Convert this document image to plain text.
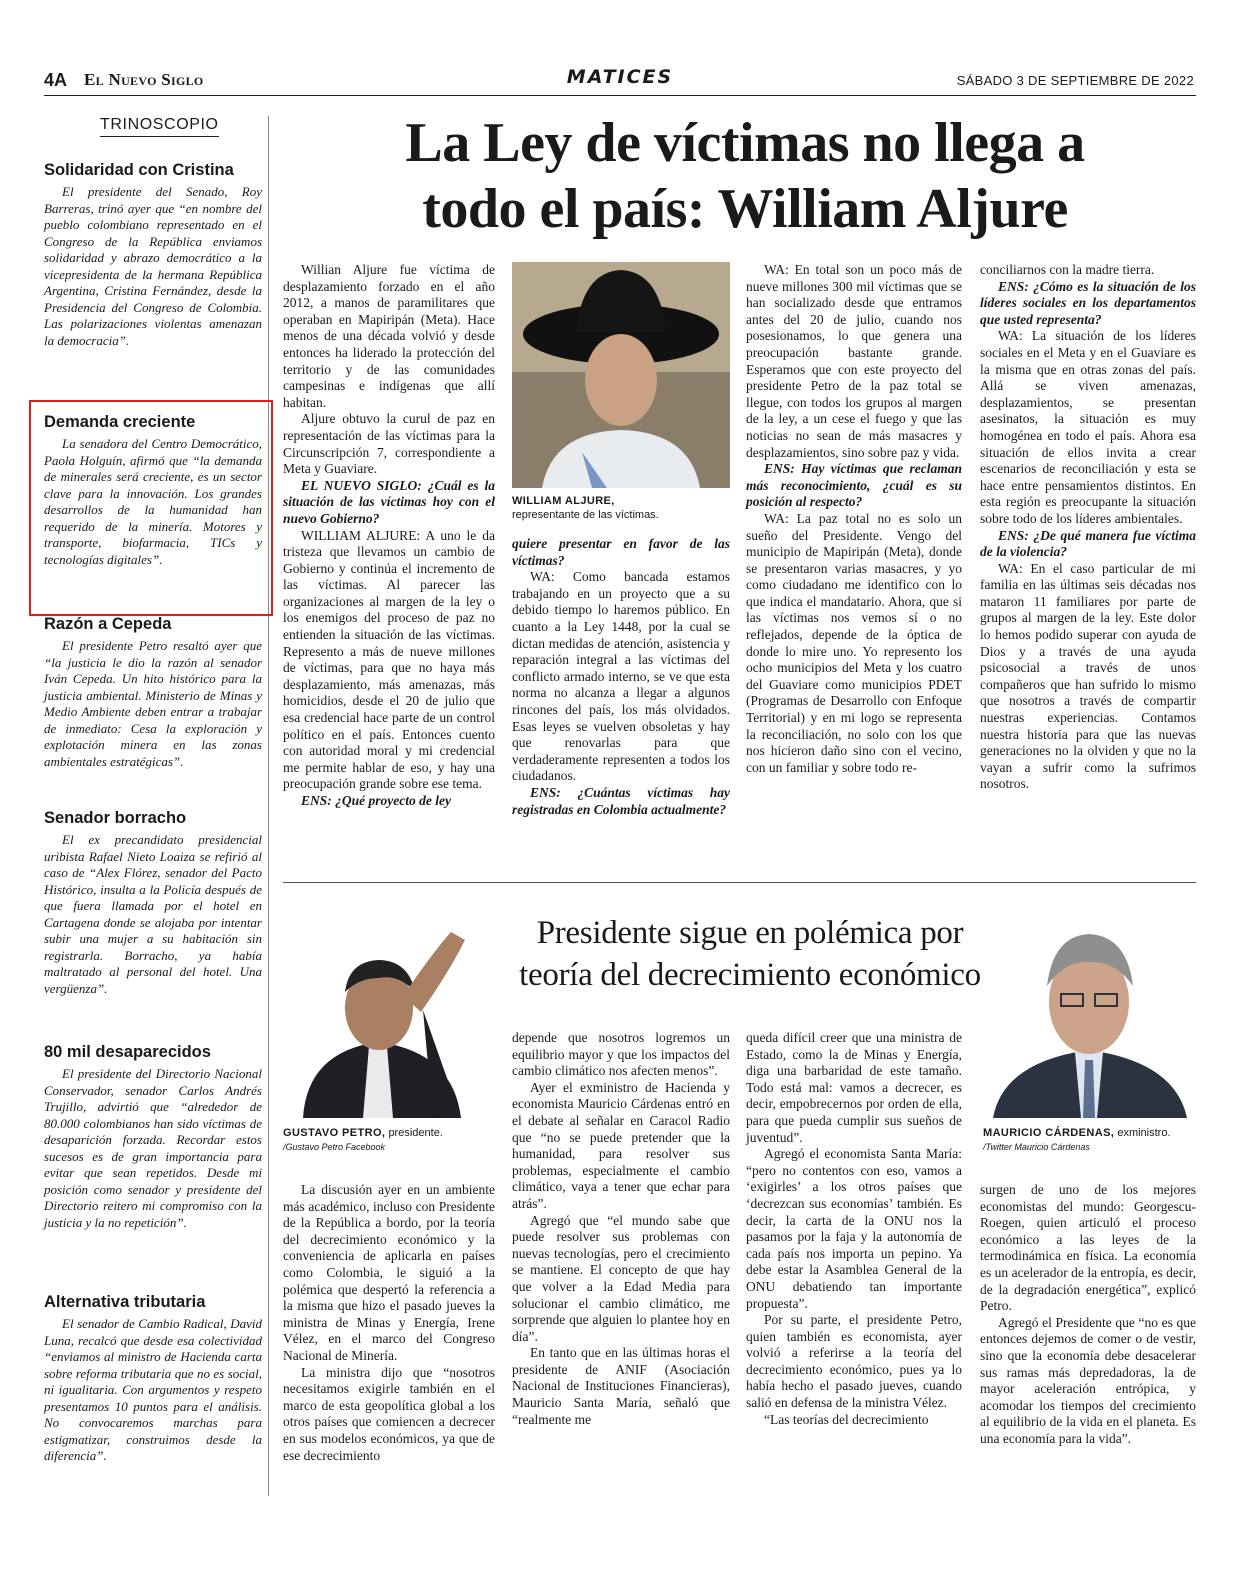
4A El Nuevo Siglo	MATICES	SÁBADO 3 DE SEPTIEMBRE DE 2022
TRINOSCOPIO
Solidaridad con Cristina

El presidente del Senado, Roy Barreras, trinó ayer que “en nombre del pueblo colombiano representado en el Congreso de la República enviamos solidaridad y abrazo democrático a la vicepresidenta de la hermana República Argentina, Cristina Fernández, desde la Presidencia del Congreso de Colombia. Las polarizaciones violentas amenazan la democracia”.

Demanda creciente

La senadora del Centro Democrático, Paola Holguín, afirmó que “la demanda de minerales será creciente, es un sector clave para la innovación. Los grandes desarrollos de la humanidad han requerido de la minería. Motores y transporte, biofarmacia, TICs y tecnologías digitales”.

Razón a Cepeda

El presidente Petro resaltó ayer que “la justicia le dio la razón al senador Iván Cepeda. Un hito histórico para la justicia ambiental. Ministerio de Minas y Medio Ambiente deben entrar a trabajar de inmediato: Cesa la exploración y explotación minera en las zonas ambientales estratégicas”.

Senador borracho

El ex precandidato presidencial uribista Rafael Nieto Loaiza se refirió al caso de “Alex Flórez, senador del Pacto Histórico, insulta a la Policía después de que fuera llamada por el hotel en Cartagena donde se alojaba por intentar subir una mujer a su habitación sin registrarla. Borracho, ya había maltratado al personal del hotel. Una vergüenza”.

80 mil desaparecidos

El presidente del Directorio Nacional Conservador, senador Carlos Andrés Trujillo, advirtió que “alrededor de 80.000 colombianos han sido víctimas de desaparición forzada. Recordar estos sucesos es de gran importancia para evitar que sean repetidos. Desde mi posición como senador y presidente del Directorio reitero mi compromiso con la justicia y la no repetición”.

Alternativa tributaria

El senador de Cambio Radical, David Luna, recalcó que desde esa colectividad “enviamos al ministro de Hacienda carta sobre reforma tributaria que no es social, ni igualitaria. Con argumentos y respeto presentamos 10 puntos para el análisis. No convocaremos marchas para estigmatizar, construimos desde la diferencia”.

La Ley de víctimas no llega a
todo el país: William Aljure

Willian Aljure fue víctima de desplazamiento forzado en el año 2012, a manos de paramilitares que operaban en Mapiripán (Meta). Hace menos de una década volvió y desde entonces ha liderado la protección del territorio y de las comunidades campesinas e indígenas que allí habitan.

Aljure obtuvo la curul de paz en representación de las víctimas para la Circunscripción 7, correspondiente a Meta y Guaviare.

EL NUEVO SIGLO: ¿Cuál es la situación de las víctimas hoy con el nuevo Gobierno?

WILLIAM ALJURE: A uno le da tristeza que llevamos un cambio de Gobierno y continúa el incremento de las víctimas. Al parecer las organizaciones al margen de la ley o los enemigos del proceso de paz no entienden la situación de las víctimas. Represento a más de nueve millones de víctimas, para que no haya más desplazamiento, más amenazas, más homicidios, desde el 20 de julio que esa credencial hace parte de un control político en el país. Entonces cuento con autoridad moral y mi credencial me permite hablar de eso, y hay una preocupación grande sobre ese tema.

ENS: ¿Qué proyecto de ley

WILLIAM ALJURE,
representante de las víctimas.

quiere presentar en favor de las víctimas?

WA: Como bancada estamos trabajando en un proyecto que a su debido tiempo lo haremos público. En cuanto a la Ley 1448, por la cual se dictan medidas de atención, asistencia y reparación integral a las víctimas del conflicto armado interno, se ve que esta norma no alcanza a llegar a algunos rincones del país, los más olvidados. Esas leyes se vuelven obsoletas y hay que renovarlas para que verdaderamente representen a todos los ciudadanos.

ENS: ¿Cuántas víctimas hay registradas en Colombia actualmente?

WA: En total son un poco más de nueve millones 300 mil víctimas que se han socializado desde que entramos antes del 20 de julio, cuando nos posesionamos, lo que genera una preocupación bastante grande. Esperamos que con este proyecto del presidente Petro de la paz total se llegue, con todos los grupos al margen de la ley, a un cese el fuego y que las noticias no sean de más masacres y desplazamientos, sino sobre paz y vida.

ENS: Hay víctimas que reclaman más reconocimiento, ¿cuál es su posición al respecto?

WA: La paz total no es solo un sueño del Presidente. Vengo del municipio de Mapiripán (Meta), donde se presentaron varias masacres, y yo como ciudadano me identifico con lo que indica el mandatario. Ahora, que si las víctimas nos vemos sí o no reflejados, depende de la óptica de donde lo mire uno. Yo represento los ocho municipios del Meta y los cuatro del Guaviare como municipios PDET (Programas de Desarrollo con Enfoque Territorial) y en mi logo se representa la reconciliación, no solo con los que nos hicieron daño sino con el vecino, con un familiar y sobre todo re-

conciliarnos con la madre tierra.

ENS: ¿Cómo es la situación de los líderes sociales en los departamentos que usted representa?

WA: La situación de los líderes sociales en el Meta y en el Guaviare es la misma que en otras zonas del país. Allá se viven amenazas, desplazamientos, se presentan asesinatos, la situación es muy homogénea en todo el país. Ahora esa situación de ellos invita a crear escenarios de reconciliación y esta se hace entre pensamientos distintos. En esta región es preocupante la situación sobre todo de los líderes ambientales.

ENS: ¿De qué manera fue víctima de la violencia?

WA: En el caso particular de mi familia en las últimas seis décadas nos mataron 11 familiares por parte de grupos al margen de la ley. Este dolor lo hemos podido superar con ayuda de Dios y a través de una ayuda psicosocial a través de unos compañeros que han sufrido lo mismo que nosotros a través de compartir nuestras experiencias. Contamos nuestra historia para que las nuevas generaciones no la olviden y que no la vayan a sufrir como la sufrimos nosotros.

GUSTAVO PETRO, presidente.
/Gustavo Petro Facebook
Presidente sigue en polémica por
teoría del decrecimiento económico
MAURICIO CÁRDENAS, exministro.
/Twitter Mauricio Cárdenas

La discusión ayer en un ambiente más académico, incluso con Presidente de la República a bordo, por la teoría del decrecimiento económico y la conveniencia de aplicarla en países como Colombia, le siguió a la polémica que despertó la referencia a la misma que hizo el pasado jueves la ministra de Minas y Energía, Irene Vélez, en el marco del Congreso Nacional de Minería.

La ministra dijo que “nosotros necesitamos exigirle también en el marco de esta geopolítica global a los otros países que comiencen a decrecer en sus modelos económicos, ya que de ese decrecimiento

depende que nosotros logremos un equilibrio mayor y que los impactos del cambio climático nos afecten menos”.

Ayer el exministro de Hacienda y economista Mauricio Cárdenas entró en el debate al señalar en Caracol Radio que “no se puede pretender que la humanidad, para resolver sus problemas, especialmente el cambio climático, vaya a tener que echar para atrás”.

Agregó que “el mundo sabe que puede resolver sus problemas con nuevas tecnologías, pero el crecimiento se mantiene. El concepto de que hay que volver a la Edad Media para solucionar el cambio climático, me sorprende que alguien lo plantee hoy en día”.

En tanto que en las últimas horas el presidente de ANIF (Asociación Nacional de Instituciones Financieras), Mauricio Santa María, señaló que “realmente me

queda difícil creer que una ministra de Estado, como la de Minas y Energía, diga una barbaridad de este tamaño. Todo está mal: vamos a decrecer, es decir, empobrecernos por orden de ella, para que pueda cumplir sus sueños de juventud”.

Agregó el economista Santa María: “pero no contentos con eso, vamos a ‘exigirles’ a los otros países que ‘decrezcan sus economías’ también. Es decir, la carta de la ONU nos la pasamos por la faja y la autonomía de cada país nos importa un pepino. Ya debe estar la Asamblea General de la ONU debatiendo tan importante propuesta”.

Por su parte, el presidente Petro, quien también es economista, ayer volvió a referirse a la teoría del decrecimiento económico, pues ya lo había hecho el pasado jueves, cuando salió en defensa de la ministra Vélez.

“Las teorías del decrecimiento

surgen de uno de los mejores economistas del mundo: Georgescu-Roegen, quien articuló el proceso económico a las leyes de la termodinámica en física. La economía es un acelerador de la entropía, es decir, de la degradación energética”, explicó Petro.

Agregó el Presidente que “no es que entonces dejemos de comer o de vestir, sino que la economía debe desacelerar sus ramas más depredadoras, la de mayor aceleración entrópica, y acomodar los tiempos del crecimiento al equilibrio de la vida en el planeta. Es una economía para la vida”.
